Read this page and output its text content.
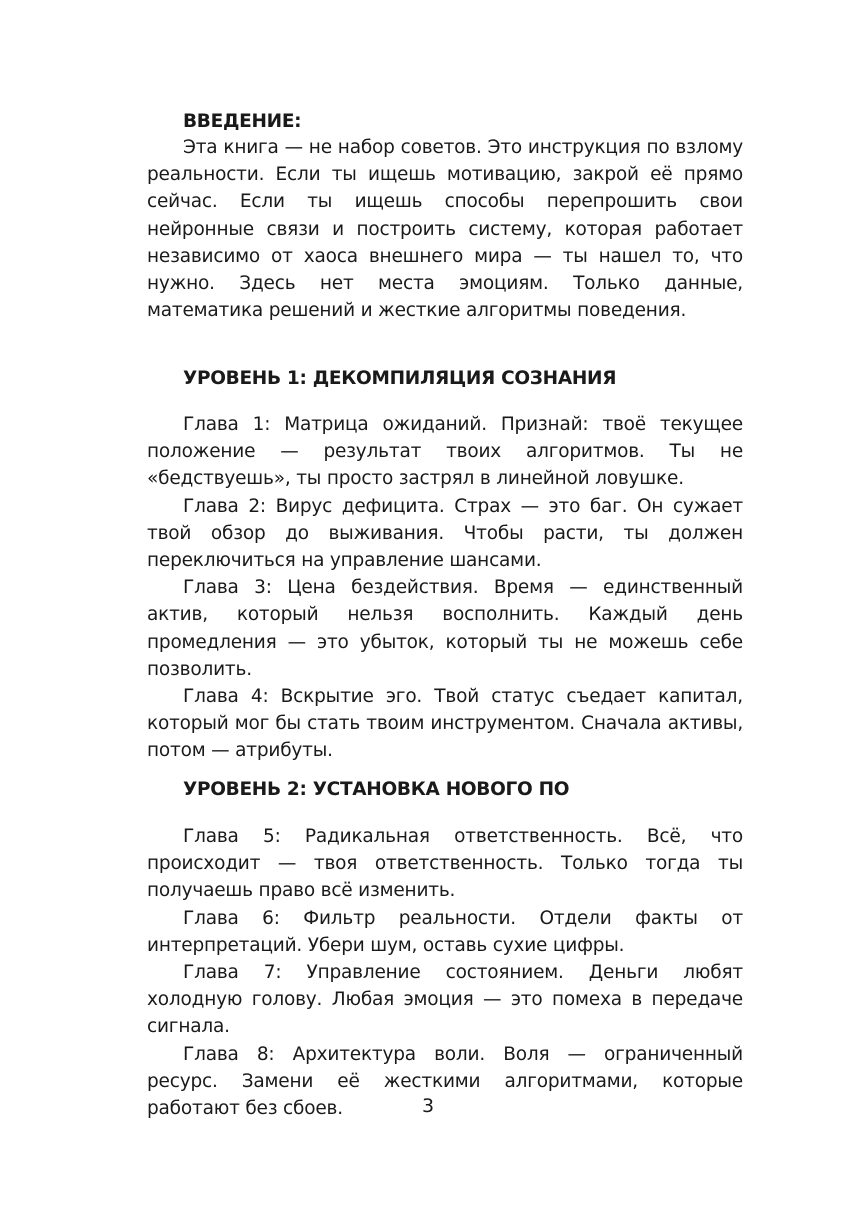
ВВЕДЕНИЕ:

Эта книга — не набор советов. Это инструкция по взлому реальности. Если ты ищешь мотивацию, закрой её прямо сейчас. Если ты ищешь способы перепрошить свои нейронные связи и построить систему, которая работает независимо от хаоса внешнего мира — ты нашел то, что нужно. Здесь нет места эмоциям. Только данные, математика решений и жесткие алгоритмы поведения.

УРОВЕНЬ 1: ДЕКОМПИЛЯЦИЯ СОЗНАНИЯ

Глава 1: Матрица ожиданий. Признай: твоё текущее положение — результат твоих алгоритмов. Ты не «бедствуешь», ты просто застрял в линейной ловушке.

Глава 2: Вирус дефицита. Страх — это баг. Он сужает твой обзор до выживания. Чтобы расти, ты должен переключиться на управление шансами.

Глава 3: Цена бездействия. Время — единственный актив, который нельзя восполнить. Каждый день промедления — это убыток, который ты не можешь себе позволить.

Глава 4: Вскрытие эго. Твой статус съедает капитал, который мог бы стать твоим инструментом. Сначала активы, потом — атрибуты.

УРОВЕНЬ 2: УСТАНОВКА НОВОГО ПО

Глава 5: Радикальная ответственность. Всё, что происходит — твоя ответственность. Только тогда ты получаешь право всё изменить.

Глава 6: Фильтр реальности. Отдели факты от интерпретаций. Убери шум, оставь сухие цифры.

Глава 7: Управление состоянием. Деньги любят холодную голову. Любая эмоция — это помеха в передаче сигнала.

Глава 8: Архитектура воли. Воля — ограниченный ресурс. Замени её жесткими алгоритмами, которые работают без сбоев.	3
